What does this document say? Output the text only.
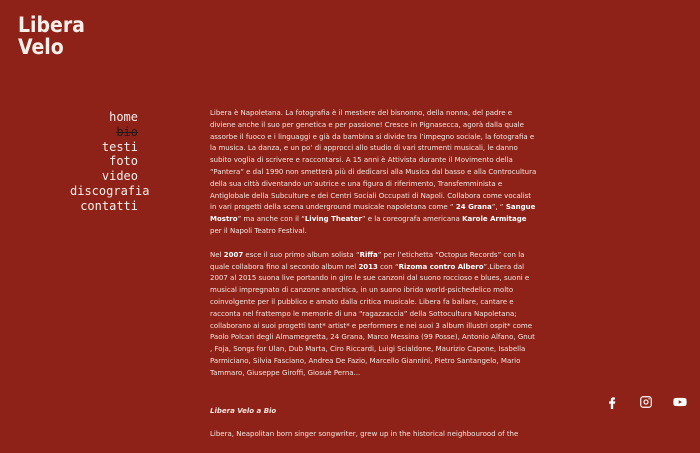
Libera
Velo
home
bio
testi
foto
video
discografia
contatti

Libera è Napoletana. La fotografia è il mestiere del bisnonno, della nonna, del padre e diviene anche il suo per genetica e per passione! Cresce in Pignasecca, agorà dalla quale assorbe il fuoco e i linguaggi e già da bambina si divide tra l’impegno sociale, la fotografia e la musica. La danza, e un po’ di approcci allo studio di vari strumenti musicali, le danno subito voglia di scrivere e raccontarsi. A 15 anni è Attivista durante il Movimento della “Pantera” e dal 1990 non smetterà più di dedicarsi alla Musica dal basso e alla Controcultura della sua città diventando un’autrice e una figura di riferimento, Transfemminista e Antiglobale della Subculture e dei Centri Sociali Occupati di Napoli. Collabora come vocalist in vari progetti della scena underground musicale napoletana come “ 24 Grana”, “ Sangue Mostro” ma anche con il “Living Theater” e la coreografa americana Karole Armitage per il Napoli Teatro Festival.

Nel 2007 esce il suo primo album solista “Riffa” per l’etichetta “Octopus Records” con la quale collabora fino al secondo album nel 2013 con “Rizoma contro Albero”.Libera dal 2007 al 2015 suona live portando in giro le sue canzoni dal suono roccioso e blues, suoni e musical impregnato di canzone anarchica, in un suono ibrido world-psichedelico molto coinvolgente per il pubblico e amato dalla critica musicale. Libera fa ballare, cantare e racconta nel frattempo le memorie di una “ragazzaccia” della Sottocultura Napoletana; collaborano ai suoi progetti tant* artist* e performers e nei suoi 3 album illustri ospit* come Paolo Polcari degli Almamegretta, 24 Grana, Marco Messina (99 Posse), Antonio Alfano, Gnut , Foja, Songs for Ulan, Dub Marta, Ciro Riccardi, Luigi Scialdone, Maurizio Capone, Isabella Parmiciano, Silvia Fasciano, Andrea De Fazio, Marcello Giannini, Pietro Santangelo, Mario Tammaro, Giuseppe Giroffi, Giosuè Perna...

Libera Velo a Bio

Libera, Neapolitan born singer songwriter, grew up in the historical neighbourood of the
